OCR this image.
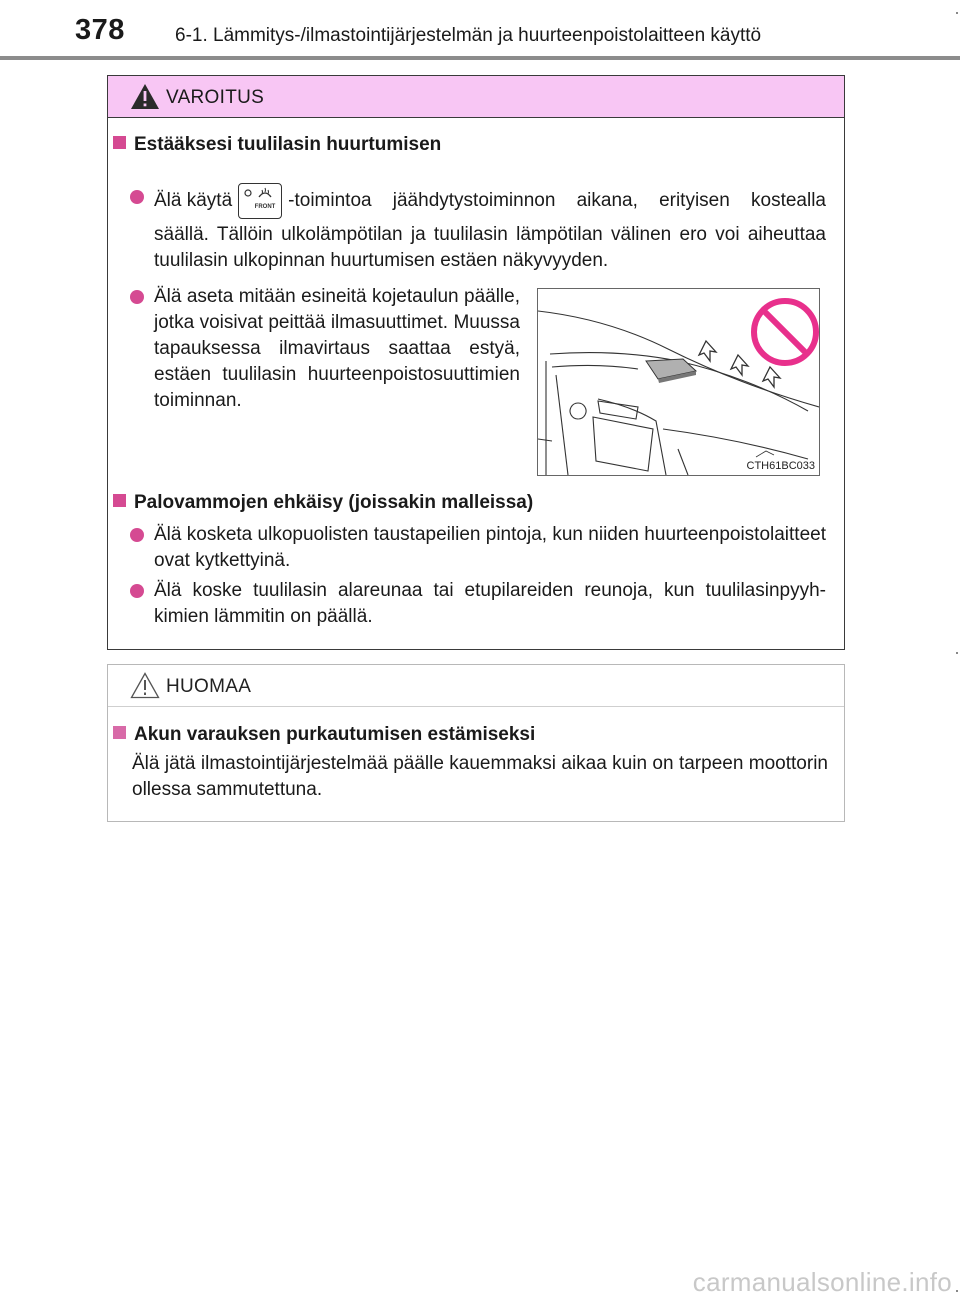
378	6-1. Lämmitys-/ilmastointijärjestelmän ja huurteenpoistolaitteen käyttö
VAROITUS
Estääksesi tuulilasin huurtumisen
Älä käytä	FRONT -toimintoa jäähdytystoiminnon aikana, erityisen kostealla
säällä. Tällöin ulkolämpötilan ja tuulilasin lämpötilan välinen ero voi aiheuttaa tuulilasin ulkopinnan huurtumisen estäen näkyvyyden.
Älä aseta mitään esineitä kojetaulun päälle, jotka voisivat peittää ilmasuuttimet. Muussa tapauksessa ilmavirtaus saattaa estyä, estäen tuulilasin huurteenpoistosuuttimien toiminnan.
CTH61BC033
Palovammojen ehkäisy (joissakin malleissa)
Älä kosketa ulkopuolisten taustapeilien pintoja, kun niiden huurteenpoistolaitteet ovat kytkettyinä.
Älä koske tuulilasin alareunaa tai etupilareiden reunoja, kun tuulilasinpyyhkimien lämmitin on päällä.
HUOMAA
Akun varauksen purkautumisen estämiseksi
Älä jätä ilmastointijärjestelmää päälle kauemmaksi aikaa kuin on tarpeen moottorin ollessa sammutettuna.
carmanualsonline.info
